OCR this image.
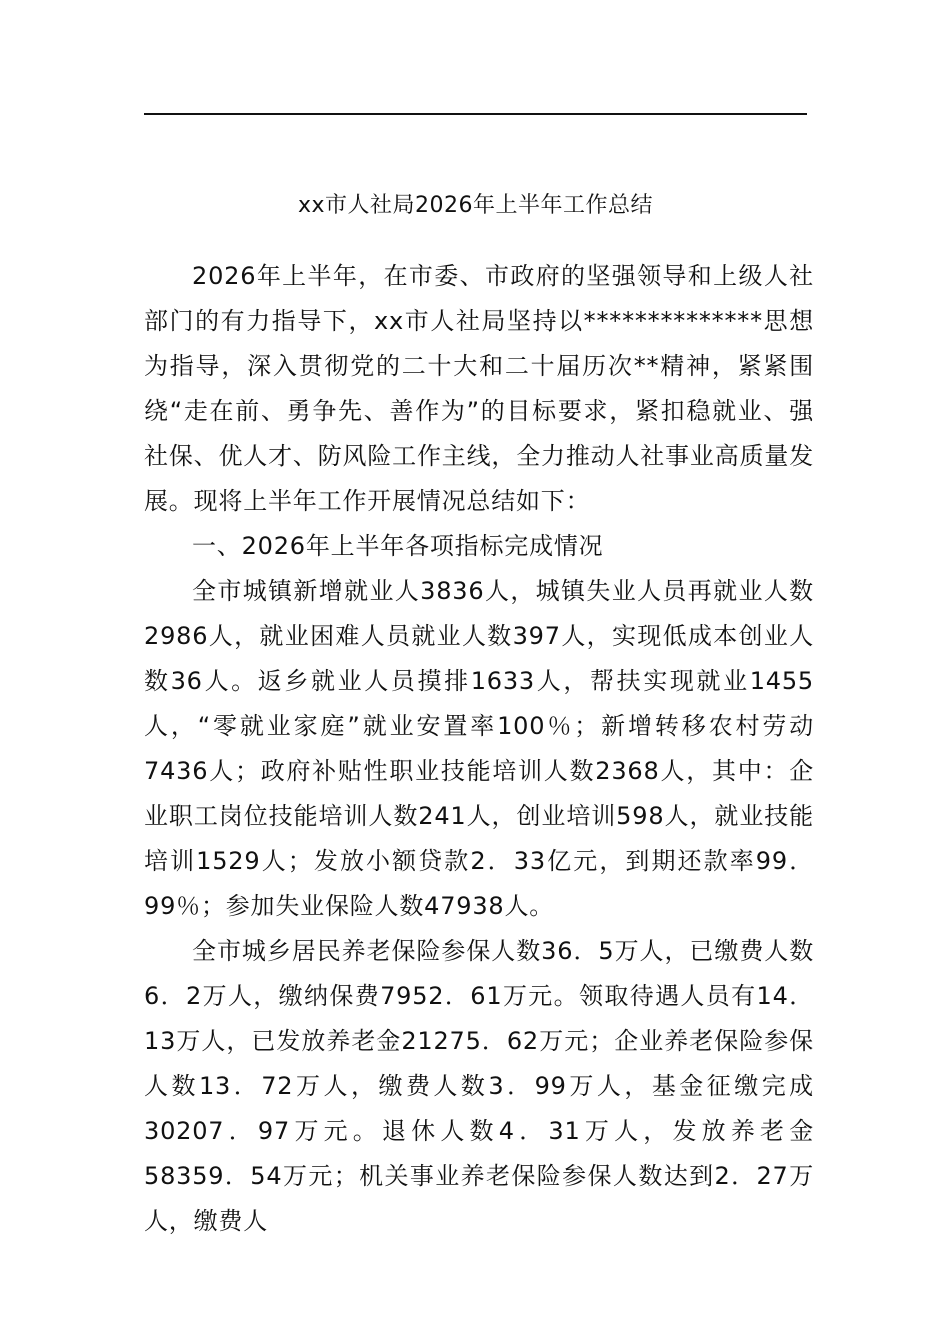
xx市人社局2026年上半年工作总结

2026年上半年，在市委、市政府的坚强领导和上级人社部门的有力指导下，xx市人社局坚持以**************思想为指导，深入贯彻党的二十大和二十届历次**精神，紧紧围绕“走在前、勇争先、善作为”的目标要求，紧扣稳就业、强社保、优人才、防风险工作主线，全力推动人社事业高质量发展。现将上半年工作开展情况总结如下：

一、2026年上半年各项指标完成情况

全市城镇新增就业人3836人，城镇失业人员再就业人数2986人，就业困难人员就业人数397人，实现低成本创业人数36人。返乡就业人员摸排1633人，帮扶实现就业1455人，“零就业家庭”就业安置率100％；新增转移农村劳动7436人；政府补贴性职业技能培训人数2368人，其中：企业职工岗位技能培训人数241人，创业培训598人，就业技能培训1529人；发放小额贷款2．33亿元，到期还款率99．99％；参加失业保险人数47938人。

全市城乡居民养老保险参保人数36．5万人，已缴费人数6．2万人，缴纳保费7952．61万元。领取待遇人员有14．13万人，已发放养老金21275．62万元；企业养老保险参保人数13．72万人，缴费人数3．99万人，基金征缴完成30207．97万元。退休人数4．31万人，发放养老金58359．54万元；机关事业养老保险参保人数达到2．27万人，缴费人
